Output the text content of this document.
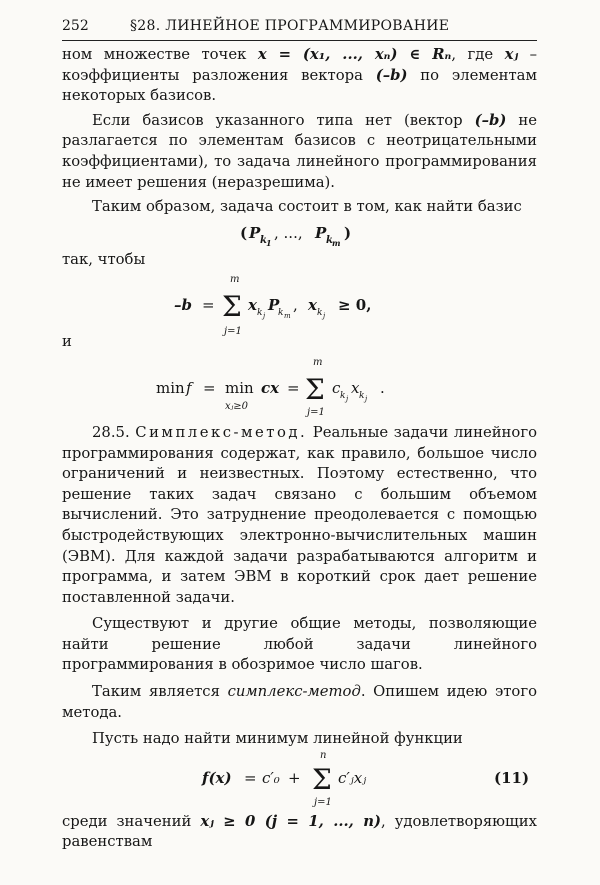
252	§28. ЛИНЕЙНОЕ ПРОГРАММИРОВАНИЕ

ном множестве точек x = (x₁, ..., xₙ) ∈ Rₙ, где xⱼ – коэффициенты разложения вектора (–b) по элементам некоторых базисов.

Если базисов указанного типа нет (вектор (–b) не разлагается по элементам базисов с неотрицательными коэффициентами), то задача линейного программирования не имеет решения (неразрешима).

Таким образом, задача состоит в том, как найти базис

( P k 1
, ..., P k m
)

так, чтобы

–b =
m
Σ
j=1
x k j
P
k m
, x k j
≥ 0,

и

min f = min
xⱼ≥0
cx =
m
Σ
j=1
c k j
x k j
.

28.5. Симплекс-метод. Реальные задачи линейного программирования содержат, как правило, большое число ограничений и неизвестных. Поэтому естественно, что решение таких задач связано с большим объемом вычислений. Это затруднение преодолевается с помощью быстродействующих электронно-вычислительных машин (ЭВМ). Для каждой задачи разрабатываются алгоритм и программа, и затем ЭВМ в короткий срок дает решение поставленной задачи.

Существуют и другие общие методы, позволяющие найти решение любой задачи линейного программирования в обозримое число шагов.

Таким является симплекс-метод. Опишем идею этого метода.

Пусть надо найти минимум линейной функции

f(x) = c′₀ +
n
Σ
j=1
c′ⱼxⱼ	(11)

среди значений xⱼ ≥ 0 (j = 1, ..., n), удовлетворяющих равенствам
